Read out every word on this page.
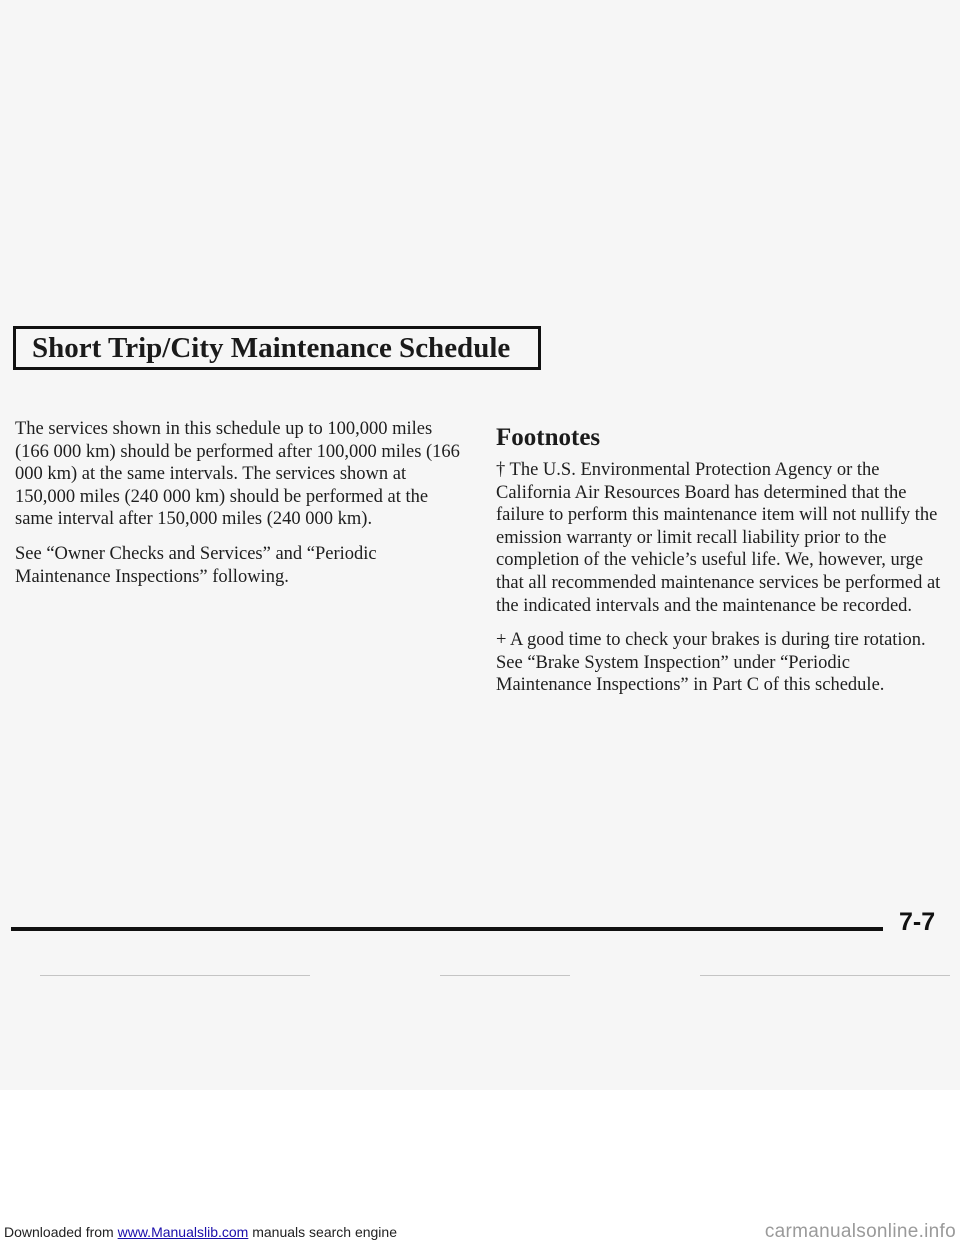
Short Trip/City Maintenance Schedule

The services shown in this schedule up to 100,000 miles (166 000 km) should be performed after 100,000 miles (166 000 km) at the same intervals. The services shown at 150,000 miles (240 000 km) should be performed at the same interval after 150,000 miles (240 000 km).

See “Owner Checks and Services” and “Periodic Maintenance Inspections” following.

Footnotes

† The U.S. Environmental Protection Agency or the California Air Resources Board has determined that the failure to perform this maintenance item will not nullify the emission warranty or limit recall liability prior to the completion of the vehicle’s useful life. We, however, urge that all recommended maintenance services be performed at the indicated intervals and the maintenance be recorded.

+ A good time to check your brakes is during tire rotation. See “Brake System Inspection” under “Periodic Maintenance Inspections” in Part C of this schedule.

7-7
Downloaded from www.Manualslib.com manuals search engine	carmanualsonline.info
